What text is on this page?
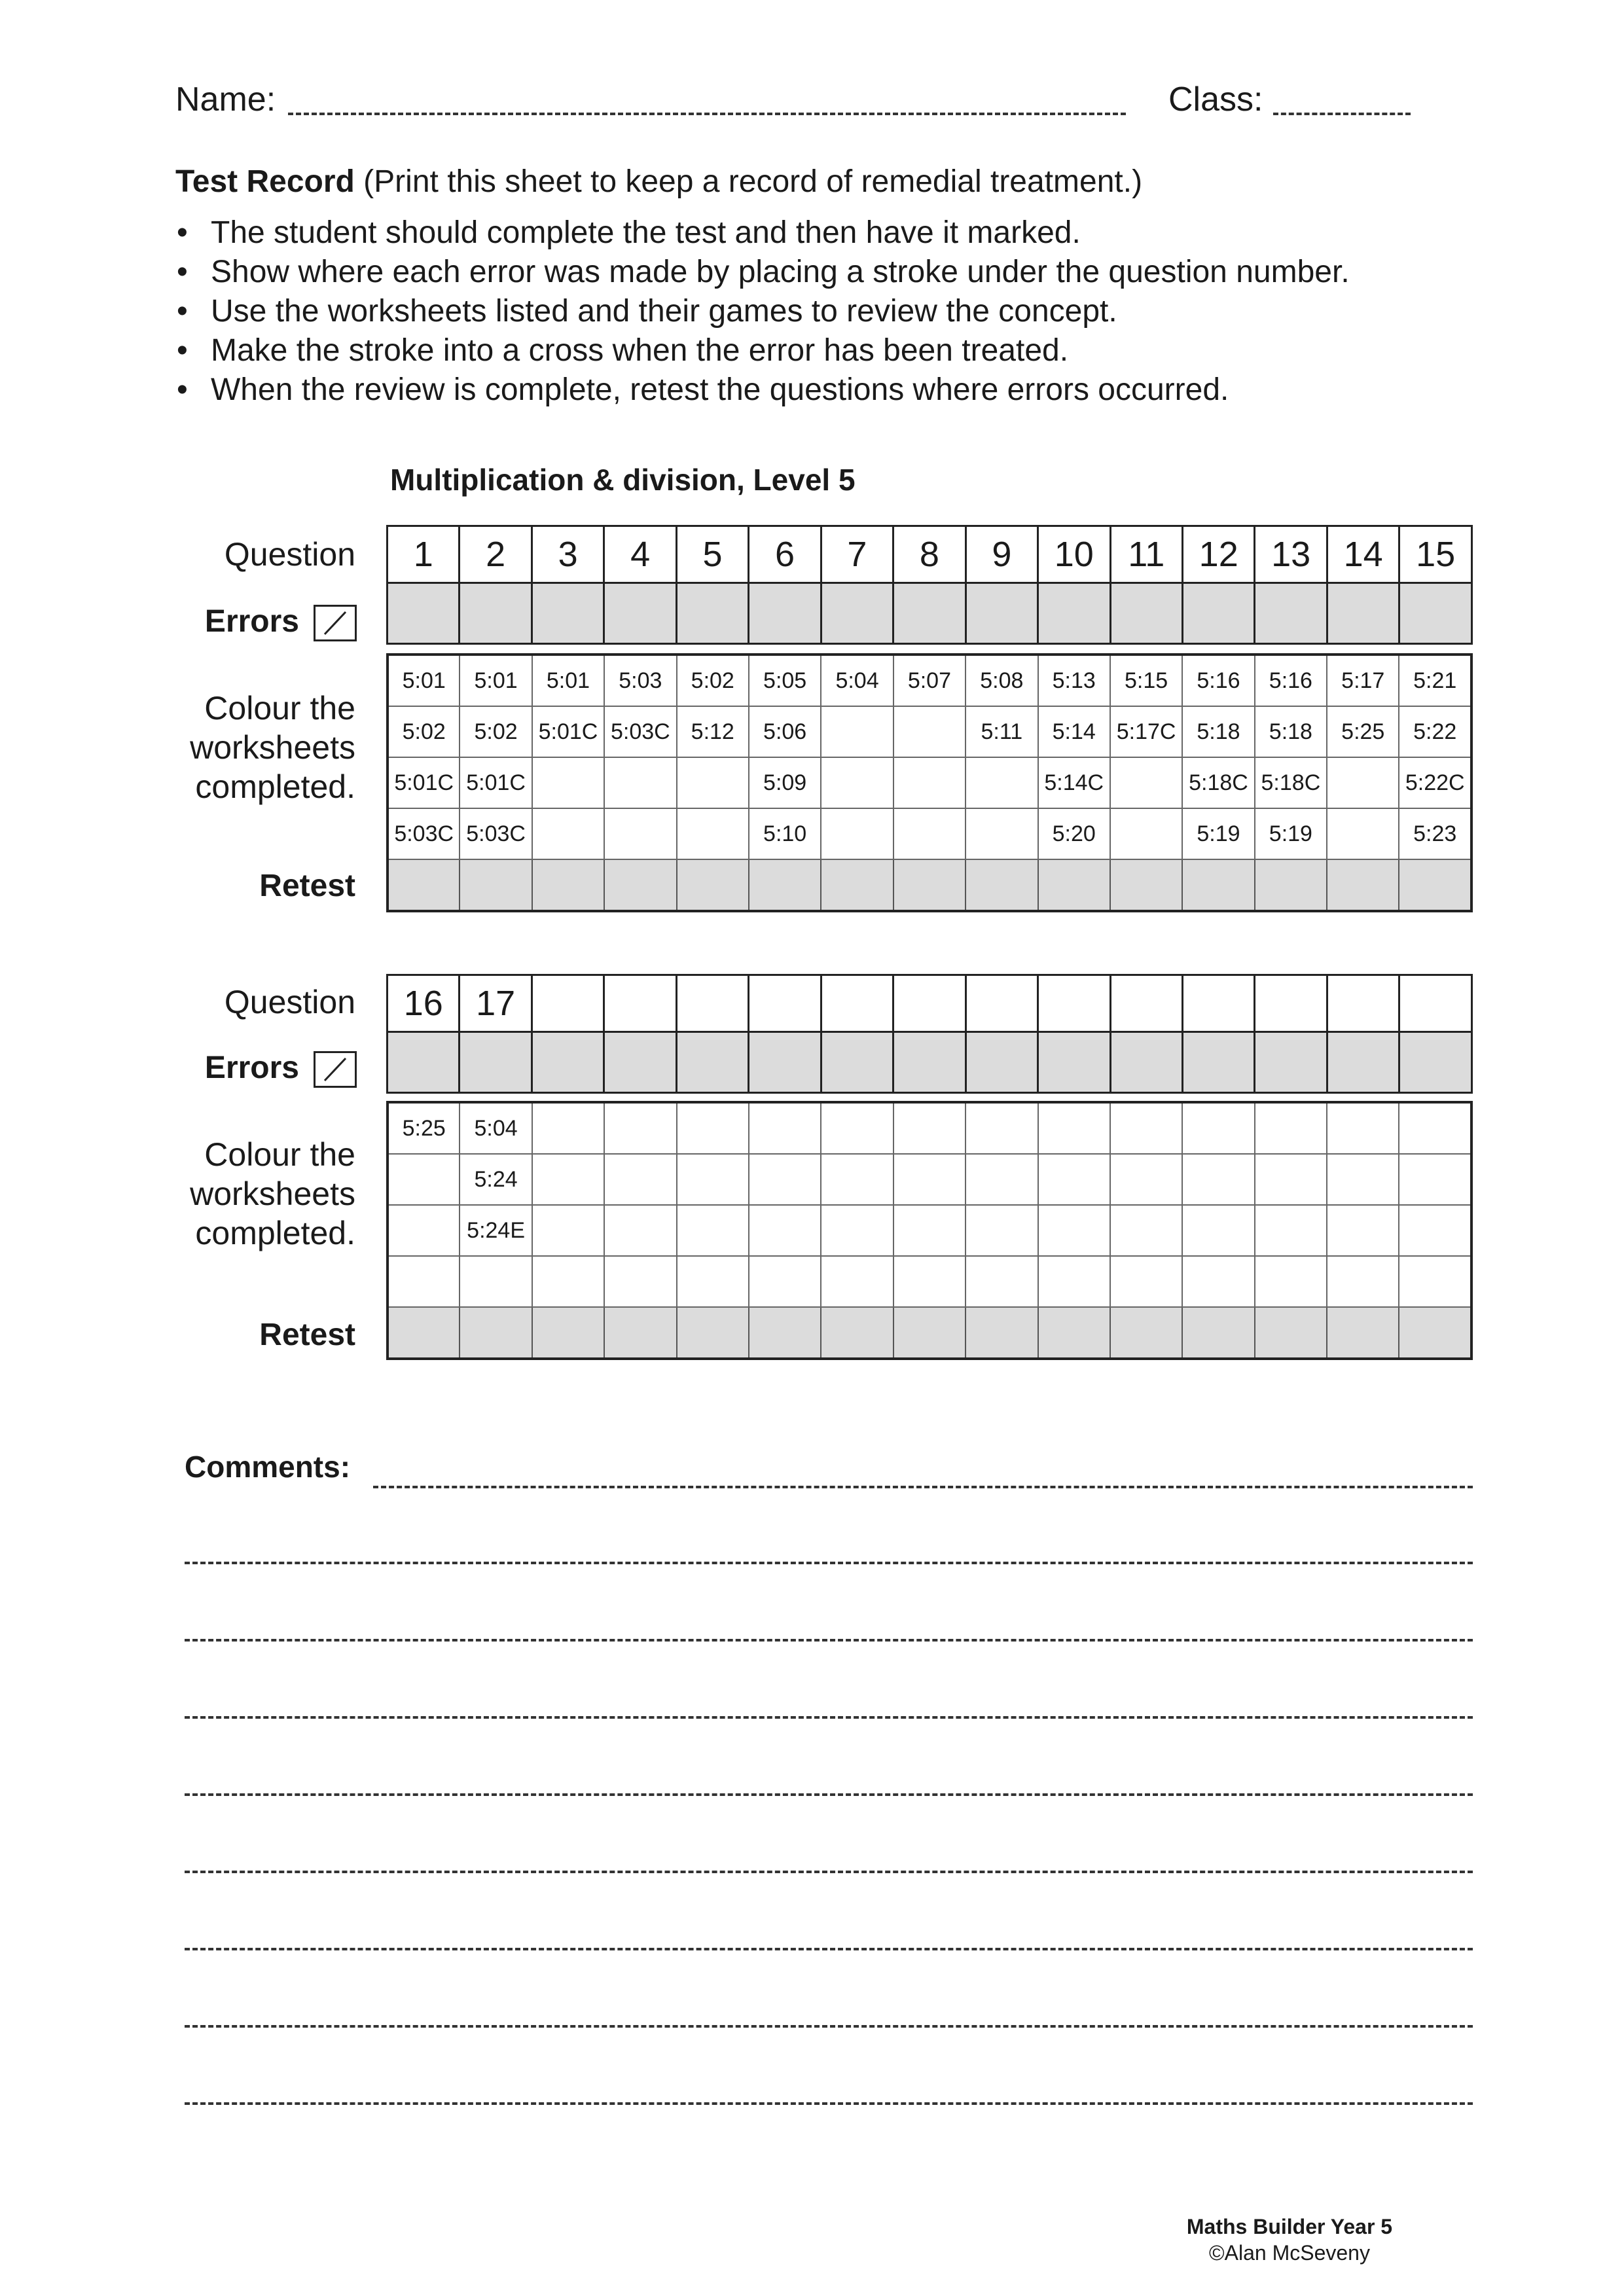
Name:	Class:
Test Record (Print this sheet to keep a record of remedial treatment.)
• The student should complete the test and then have it marked.
• Show where each error was made by placing a stroke under the question number.
• Use the worksheets listed and their games to review the concept.
• Make the stroke into a cross when the error has been treated.
• When the review is complete, retest the questions where errors occurred.
Multiplication & division, Level 5
Question
Errors
Colour the
worksheets
completed.
Retest
1	2	3	4	5	6	7	8	9	10	11	12	13	14	15

5:01	5:01	5:01	5:03	5:02	5:05	5:04	5:07	5:08	5:13	5:15	5:16	5:16	5:17	5:21
5:02	5:02	5:01C	5:03C	5:12	5:06			5:11	5:14	5:17C	5:18	5:18	5:25	5:22
5:01C	5:01C				5:09				5:14C		5:18C	5:18C		5:22C
5:03C	5:03C				5:10				5:20		5:19	5:19		5:23

Question
Errors
Colour the
worksheets
completed.
Retest
16	17													

5:25	5:04													
	5:24													
	5:24E													

Comments:
Maths Builder Year 5
©Alan McSeveny
